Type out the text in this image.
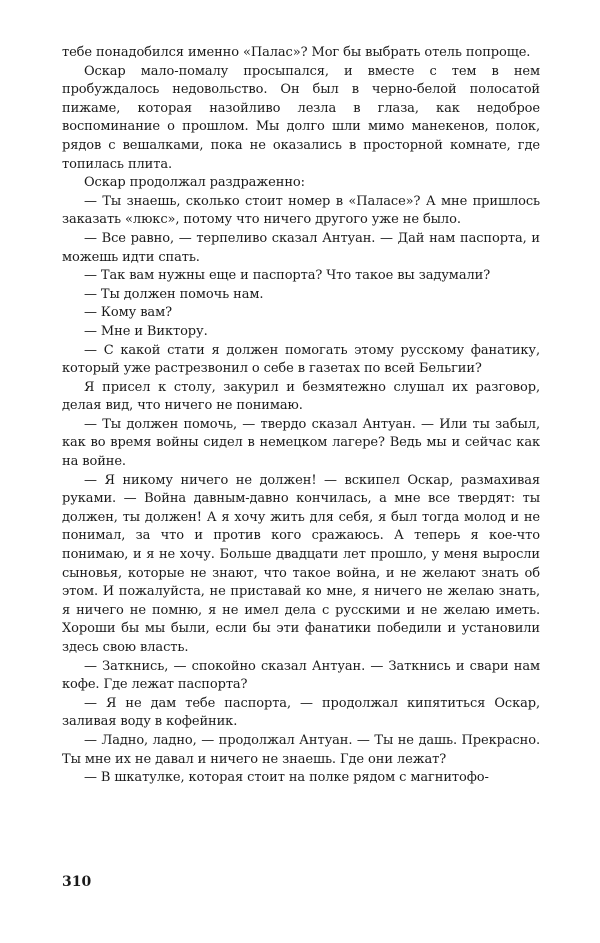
тебе понадобился именно «Палас»? Мог бы выбрать отель попроще.

Оскар мало-помалу просыпался, и вместе с тем в нем пробуждалось недовольство. Он был в черно-белой полосатой пижаме, которая назойливо лезла в глаза, как недоброе воспоминание о прошлом. Мы долго шли мимо манекенов, полок, рядов с вешалками, пока не оказались в просторной комнате, где топилась плита.

Оскар продолжал раздраженно:

— Ты знаешь, сколько стоит номер в «Паласе»? А мне пришлось заказать «люкс», потому что ничего другого уже не было.

— Все равно, — терпеливо сказал Антуан. — Дай нам паспорта, и можешь идти спать.

— Так вам нужны еще и паспорта? Что такое вы задумали?

— Ты должен помочь нам.

— Кому вам?

— Мне и Виктору.

— С какой стати я должен помогать этому русскому фанатику, который уже растрезвонил о себе в газетах по всей Бельгии?

Я присел к столу, закурил и безмятежно слушал их разговор, делая вид, что ничего не понимаю.

— Ты должен помочь, — твердо сказал Антуан. — Или ты забыл, как во время войны сидел в немецком лагере? Ведь мы и сейчас как на войне.

— Я никому ничего не должен! — вскипел Оскар, размахивая руками. — Война давным-давно кончилась, а мне все твердят: ты должен, ты должен! А я хочу жить для себя, я был тогда молод и не понимал, за что и против кого сражаюсь. А теперь я кое-что понимаю, и я не хочу. Больше двадцати лет прошло, у меня выросли сыновья, которые не знают, что такое война, и не желают знать об этом. И пожалуйста, не приставай ко мне, я ничего не желаю знать, я ничего не помню, я не имел дела с русскими и не желаю иметь. Хороши бы мы были, если бы эти фанатики победили и установили здесь свою власть.

— Заткнись, — спокойно сказал Антуан. — Заткнись и свари нам кофе. Где лежат паспорта?

— Я не дам тебе паспорта, — продолжал кипятиться Оскар, заливая воду в кофейник.

— Ладно, ладно, — продолжал Антуан. — Ты не дашь. Прекрасно. Ты мне их не давал и ничего не знаешь. Где они лежат?

— В шкатулке, которая стоит на полке рядом с магнитофо-

310
